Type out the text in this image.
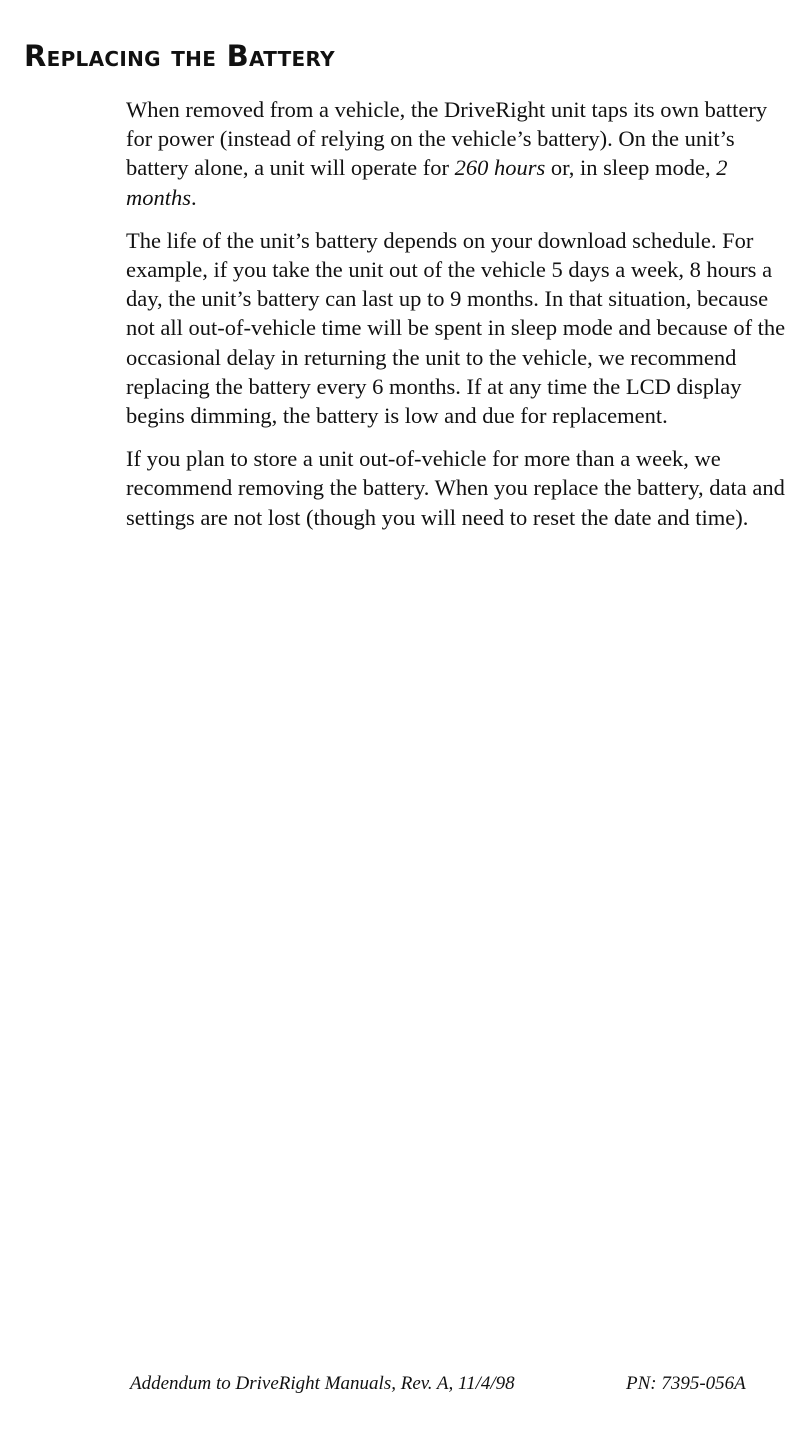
Replacing the Battery

When removed from a vehicle, the DriveRight unit taps its own battery for power (instead of relying on the vehicle’s battery). On the unit’s battery alone, a unit will operate for 260 hours or, in sleep mode, 2 months.

The life of the unit’s battery depends on your download schedule. For example, if you take the unit out of the vehicle 5 days a week, 8 hours a day, the unit’s battery can last up to 9 months. In that situation, because not all out-of-vehicle time will be spent in sleep mode and because of the occasional delay in returning the unit to the vehicle, we recommend replacing the battery every 6 months. If at any time the LCD display begins dimming, the battery is low and due for replacement.

If you plan to store a unit out-of-vehicle for more than a week, we recommend removing the battery. When you replace the battery, data and settings are not lost (though you will need to reset the date and time).

Addendum to DriveRight Manuals, Rev. A, 11/4/98	PN: 7395-056A
